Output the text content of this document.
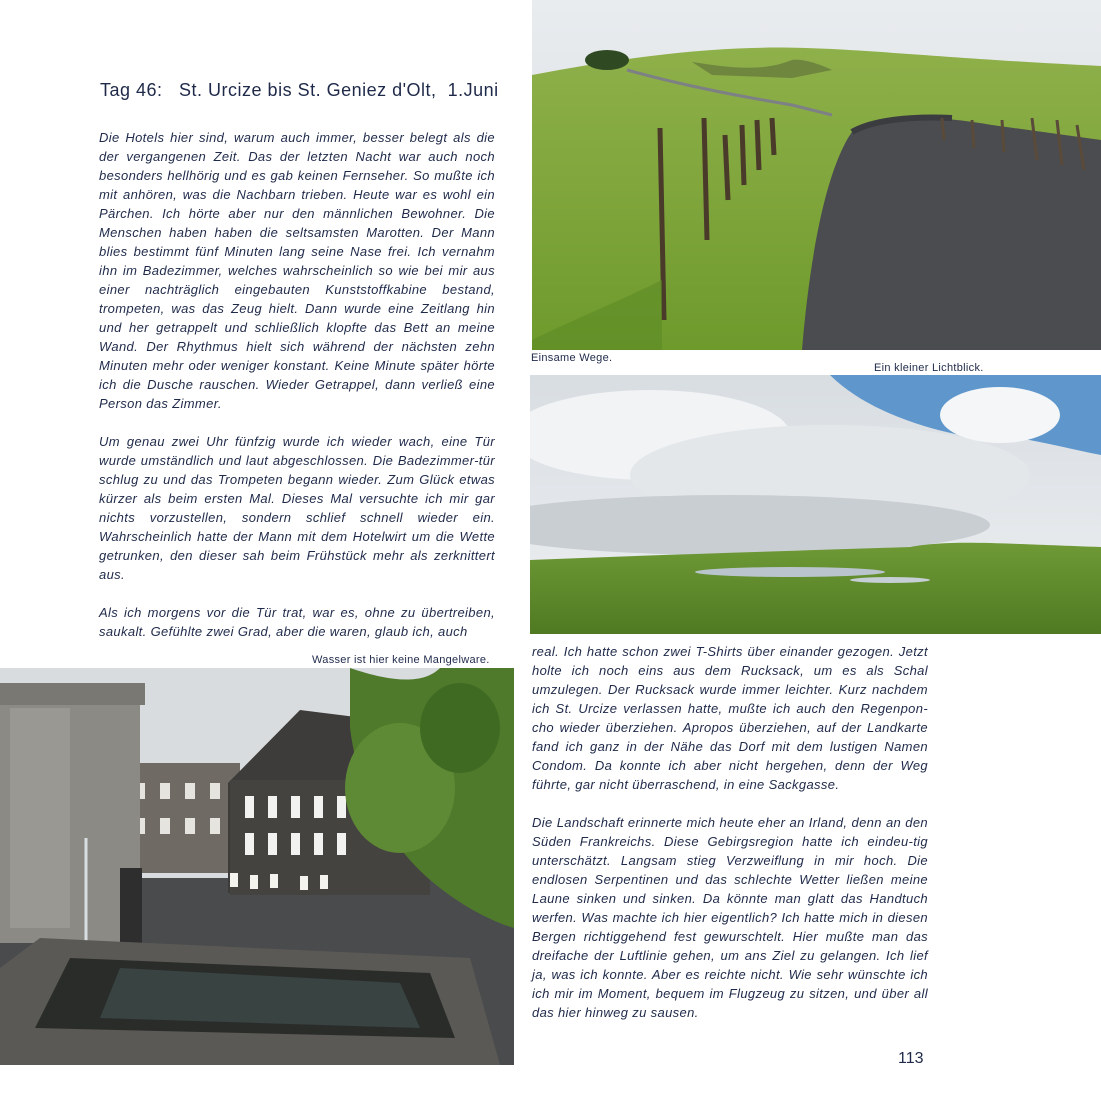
Tag 46:   St. Urcize bis St. Geniez d'Olt,  1.Juni

Die Hotels hier sind, warum auch immer, besser belegt als die der vergangenen Zeit. Das der letzten Nacht war auch noch besonders hellhörig und es gab keinen Fernseher. So mußte ich mit anhören, was die Nachbarn trieben. Heute war es wohl ein Pärchen. Ich hörte aber nur den männlichen Bewohner. Die Menschen haben haben die seltsamsten Marotten. Der Mann blies bestimmt fünf Minuten lang seine Nase frei. Ich vernahm ihn im Badezimmer, welches wahrscheinlich so wie bei mir aus einer nachträglich eingebauten Kunststoffkabine bestand, trompeten, was das Zeug hielt. Dann wurde eine Zeitlang hin und her getrappelt und schließlich klopfte das Bett an meine Wand. Der Rhythmus hielt sich während der nächsten zehn Minuten mehr oder weniger konstant. Keine Minute später hörte ich die Dusche rauschen. Wieder Getrappel, dann verließ eine Person das Zimmer.

Um genau zwei Uhr fünfzig wurde ich wieder wach, eine Tür wurde umständlich und laut abgeschlossen. Die Badezimmer-tür schlug zu und das Trompeten begann wieder. Zum Glück etwas kürzer als beim ersten Mal. Dieses Mal versuchte ich mir gar nichts vorzustellen, sondern schlief schnell wieder ein. Wahrscheinlich hatte der Mann mit dem Hotelwirt um die Wette getrunken, den dieser sah beim Frühstück mehr als zerknittert aus.

Als ich morgens vor die Tür trat, war es, ohne zu übertreiben, saukalt. Gefühlte zwei Grad, aber die waren, glaub ich, auch

Einsame Wege.
Ein kleiner Lichtblick.
Wasser ist hier keine Mangelware.

real. Ich hatte schon zwei T-Shirts über einander gezogen. Jetzt holte ich noch eins aus dem Rucksack, um es als Schal umzulegen. Der Rucksack wurde immer leichter. Kurz nachdem ich St. Urcize verlassen hatte, mußte ich auch den Regenpon-cho wieder überziehen. Apropos überziehen, auf der Landkarte fand ich ganz in der Nähe das Dorf mit dem lustigen Namen Condom. Da konnte ich aber nicht hergehen, denn der Weg führte, gar nicht überraschend, in eine Sackgasse.

Die Landschaft erinnerte mich heute eher an Irland, denn an den Süden Frankreichs. Diese Gebirgsregion hatte ich eindeu-tig unterschätzt. Langsam stieg Verzweiflung in mir hoch. Die endlosen Serpentinen und das schlechte Wetter ließen meine Laune sinken und sinken. Da könnte man glatt das Handtuch werfen. Was machte ich hier eigentlich? Ich hatte mich in diesen Bergen richtiggehend fest gewurschtelt. Hier mußte man das dreifache der Luftlinie gehen, um ans Ziel zu gelangen. Ich lief ja, was ich konnte. Aber es reichte nicht. Wie sehr wünschte ich ich mir im Moment, bequem im Flugzeug zu sitzen, und über all das hier hinweg zu sausen.

113
